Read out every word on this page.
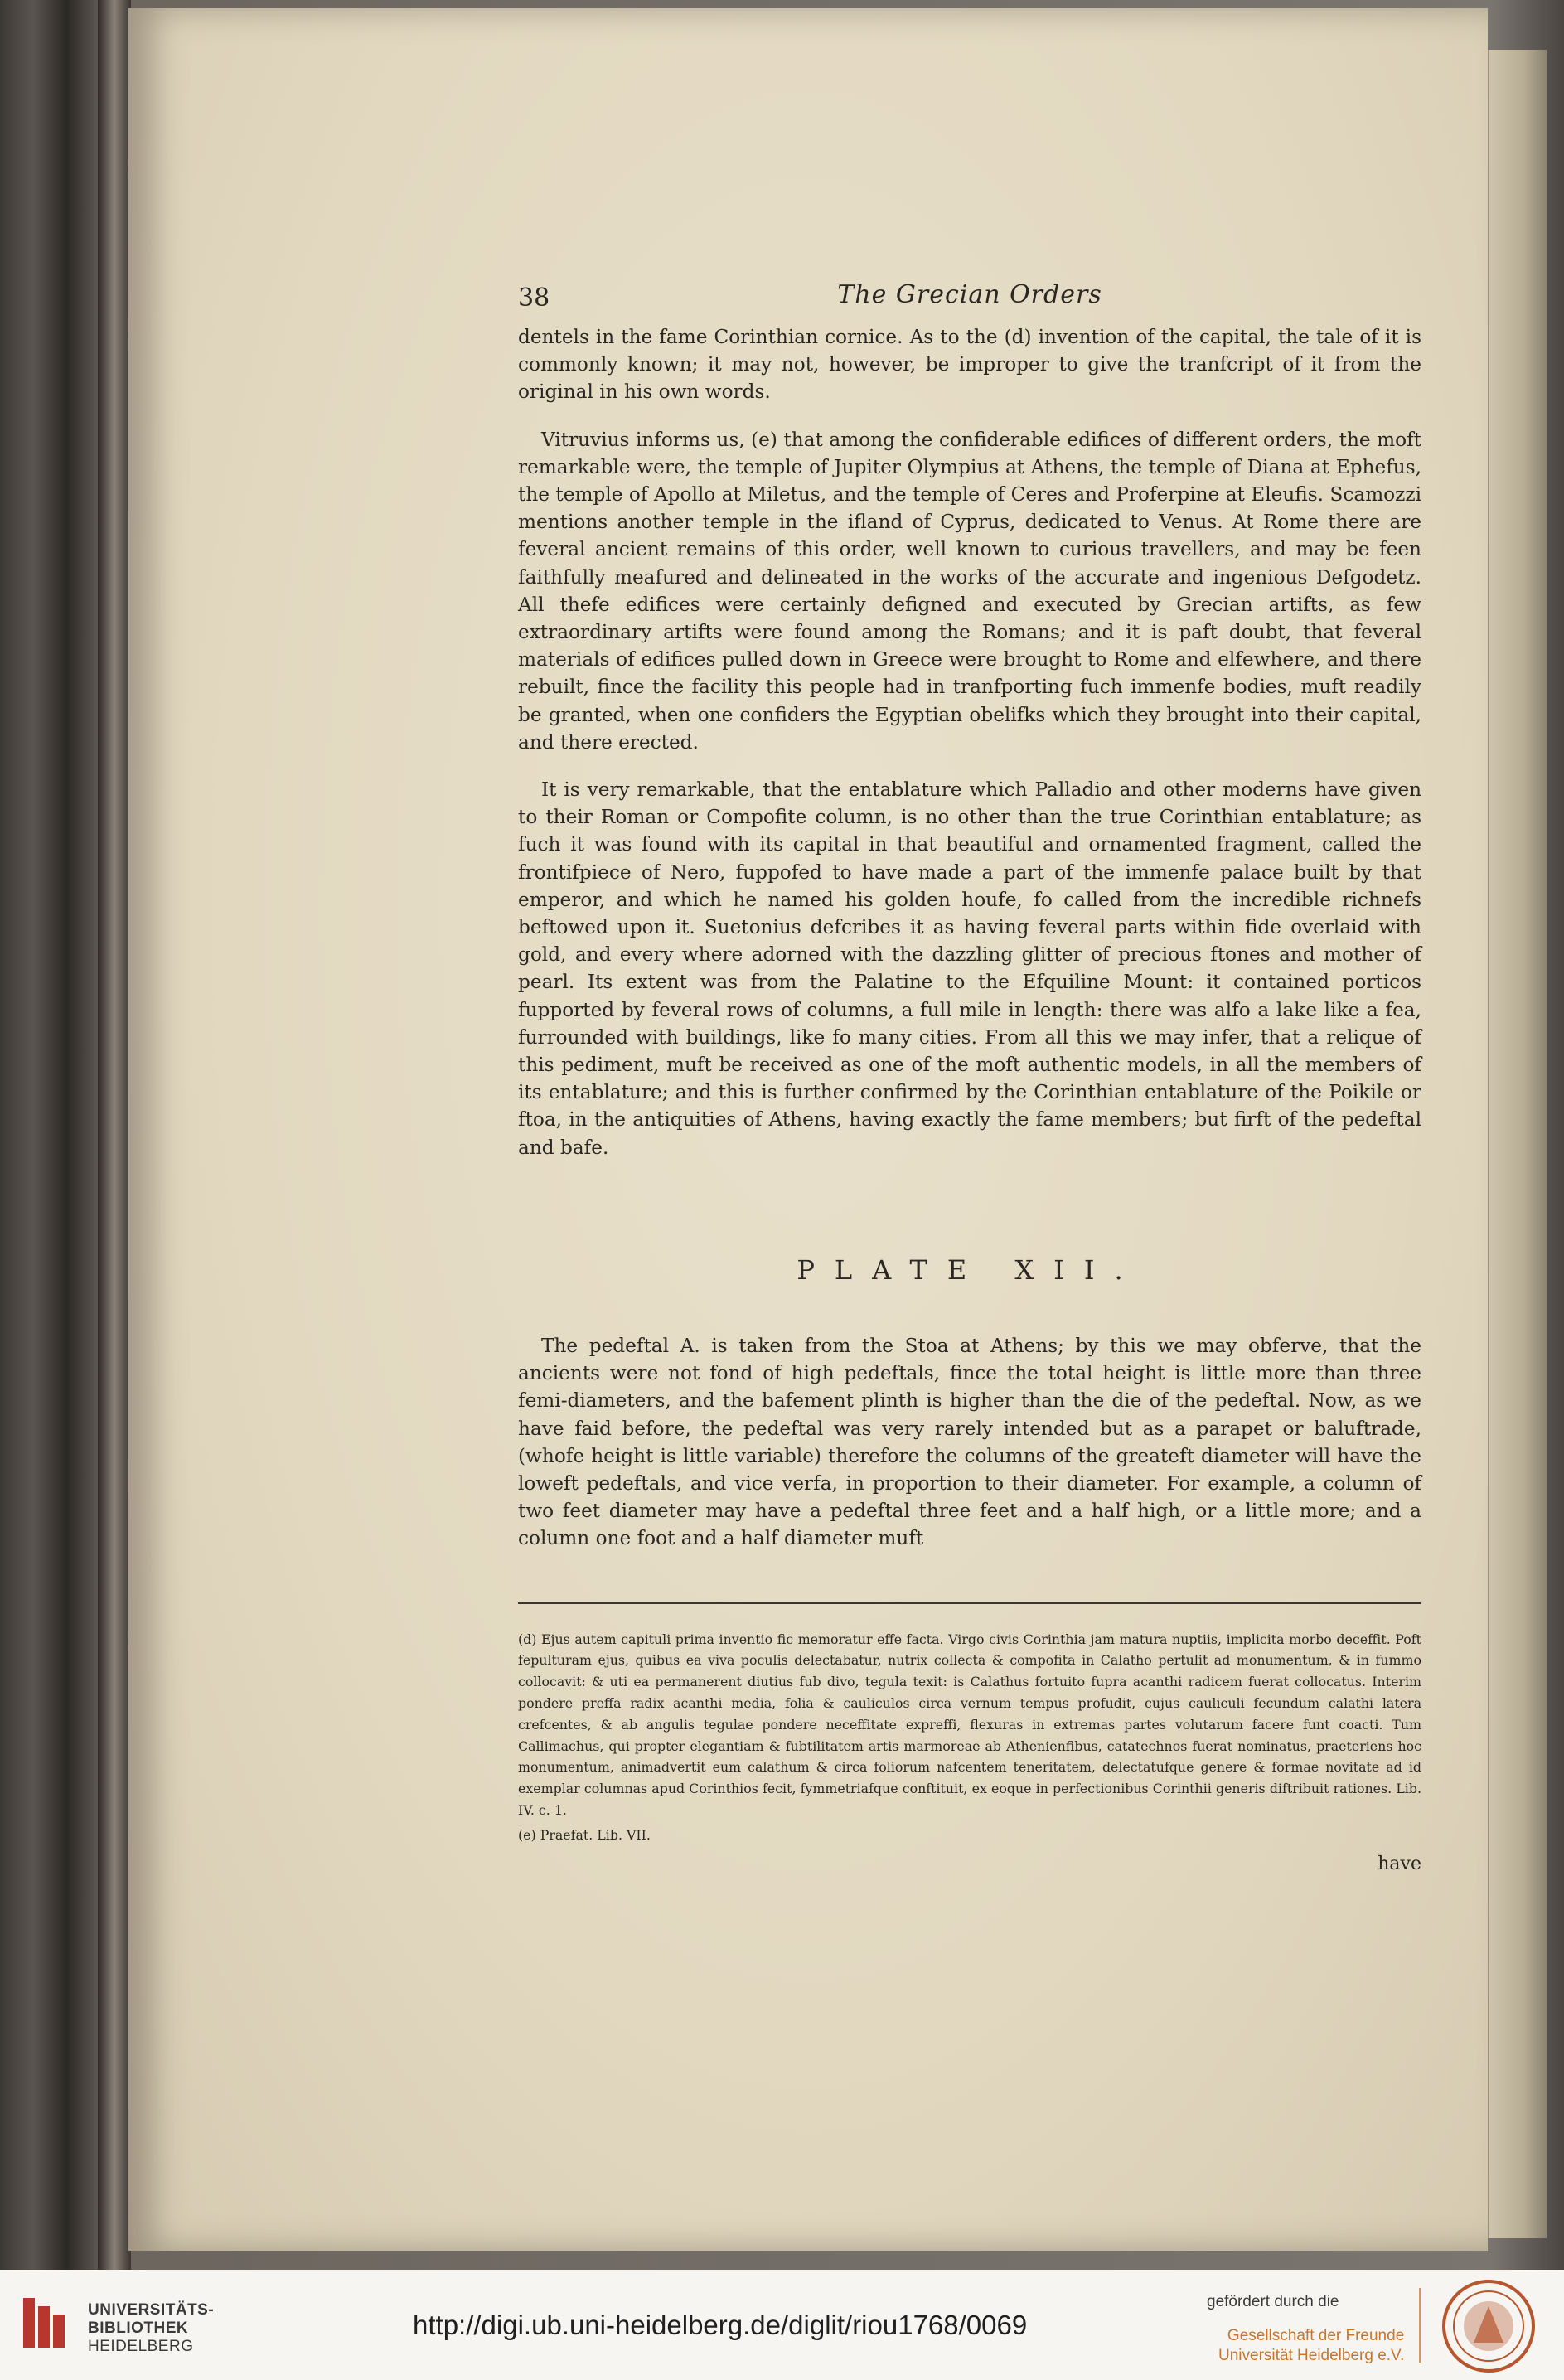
38	The Grecian Orders

dentels in the fame Corinthian cornice. As to the (d) invention of the capital, the tale of it is commonly known; it may not, however, be improper to give the tranfcript of it from the original in his own words.

Vitruvius informs us, (e) that among the confiderable edifices of different orders, the moft remarkable were, the temple of Jupiter Olympius at Athens, the temple of Diana at Ephefus, the temple of Apollo at Miletus, and the temple of Ceres and Proferpine at Eleufis. Scamozzi mentions another temple in the ifland of Cyprus, dedicated to Venus. At Rome there are feveral ancient remains of this order, well known to curious travellers, and may be feen faithfully meafured and delineated in the works of the accurate and ingenious Defgodetz. All thefe edifices were certainly defigned and executed by Grecian artifts, as few extraordinary artifts were found among the Romans; and it is paft doubt, that feveral materials of edifices pulled down in Greece were brought to Rome and elfewhere, and there rebuilt, fince the facility this people had in tranfporting fuch immenfe bodies, muft readily be granted, when one confiders the Egyptian obelifks which they brought into their capital, and there erected.

It is very remarkable, that the entablature which Palladio and other moderns have given to their Roman or Compofite column, is no other than the true Corinthian entablature; as fuch it was found with its capital in that beautiful and ornamented fragment, called the frontifpiece of Nero, fuppofed to have made a part of the immenfe palace built by that emperor, and which he named his golden houfe, fo called from the incredible richnefs beftowed upon it. Suetonius defcribes it as having feveral parts within fide overlaid with gold, and every where adorned with the dazzling glitter of precious ftones and mother of pearl. Its extent was from the Palatine to the Efquiline Mount: it contained porticos fupported by feveral rows of columns, a full mile in length: there was alfo a lake like a fea, furrounded with buildings, like fo many cities. From all this we may infer, that a relique of this pediment, muft be received as one of the moft authentic models, in all the members of its entablature; and this is further confirmed by the Corinthian entablature of the Poikile or ftoa, in the antiquities of Athens, having exactly the fame members; but firft of the pedeftal and bafe.

PLATE XII.

The pedeftal A. is taken from the Stoa at Athens; by this we may obferve, that the ancients were not fond of high pedeftals, fince the total height is little more than three femi-diameters, and the bafement plinth is higher than the die of the pedeftal. Now, as we have faid before, the pedeftal was very rarely intended but as a parapet or baluftrade, (whofe height is little variable) therefore the columns of the greateft diameter will have the loweft pedeftals, and vice verfa, in proportion to their diameter. For example, a column of two feet diameter may have a pedeftal three feet and a half high, or a little more; and a column one foot and a half diameter muft

(d) Ejus autem capituli prima inventio fic memoratur effe facta. Virgo civis Corinthia jam matura nuptiis, implicita morbo deceffit. Poft fepulturam ejus, quibus ea viva poculis delectabatur, nutrix collecta & compofita in Calatho pertulit ad monumentum, & in fummo collocavit: & uti ea permanerent diutius fub divo, tegula texit: is Calathus fortuito fupra acanthi radicem fuerat collocatus. Interim pondere preffa radix acanthi media, folia & cauliculos circa vernum tempus profudit, cujus cauliculi fecundum calathi latera crefcentes, & ab angulis tegulae pondere neceffitate expreffi, flexuras in extremas partes volutarum facere funt coacti. Tum Callimachus, qui propter elegantiam & fubtilitatem artis marmoreae ab Athenienfibus, catatechnos fuerat nominatus, praeteriens hoc monumentum, animadvertit eum calathum & circa foliorum nafcentem teneritatem, delectatufque genere & formae novitate ad id exemplar columnas apud Corinthios fecit, fymmetriafque conftituit, ex eoque in perfectionibus Corinthii generis diftribuit rationes. Lib. IV. c. 1.

(e) Praefat. Lib. VII.

have
UNIVERSITÄTS-
BIBLIOTHEK
HEIDELBERG
http://digi.ub.uni-heidelberg.de/diglit/riou1768/0069
gefördert durch die
Gesellschaft der Freunde
Universität Heidelberg e.V.
